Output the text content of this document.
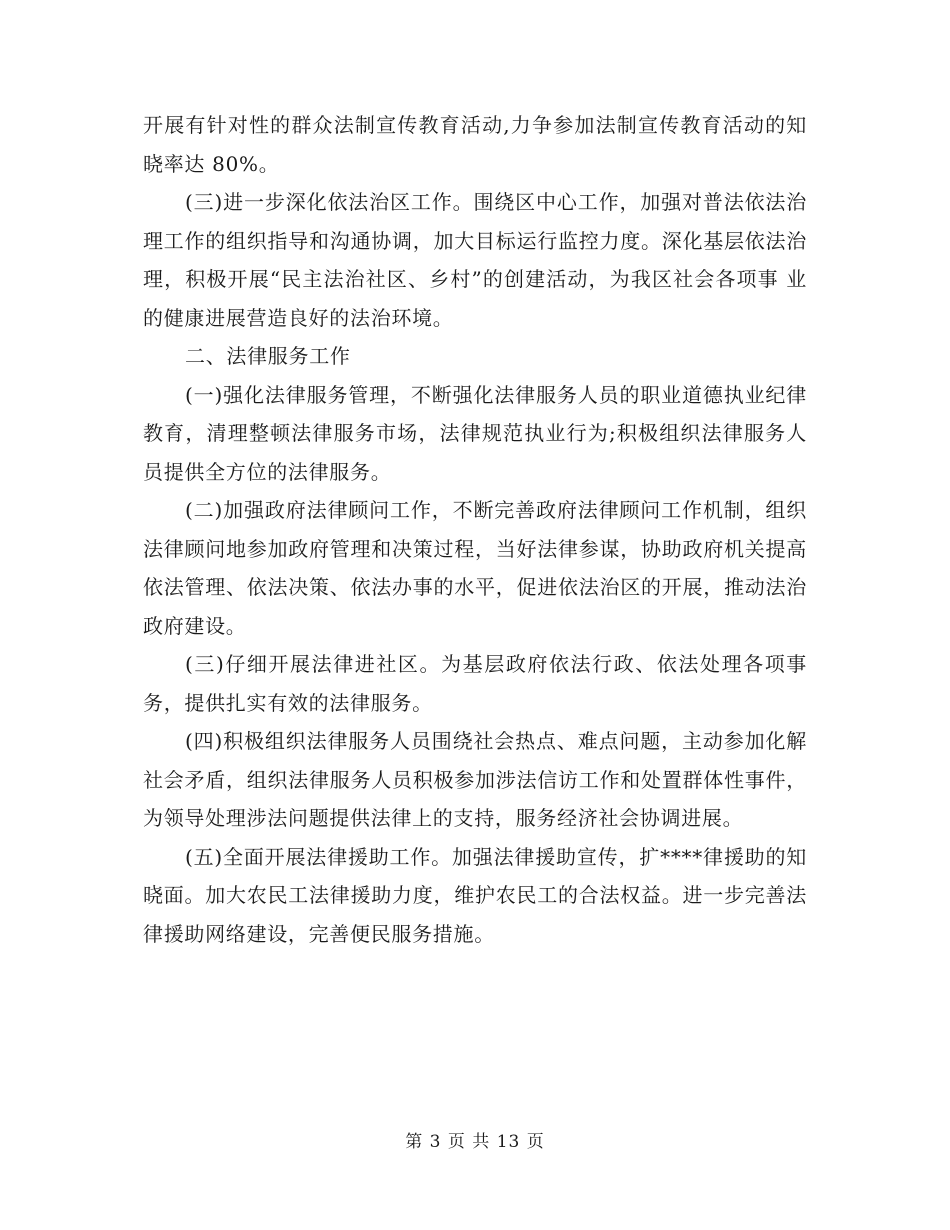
开展有针对性的群众法制宣传教育活动,力争参加法制宣传教育活动的知晓率达 80%。

(三)进一步深化依法治区工作。围绕区中心工作，加强对普法依法治理工作的组织指导和沟通协调，加大目标运行监控力度。深化基层依法治理，积极开展“民主法治社区、乡村”的创建活动，为我区社会各项事 业的健康进展营造良好的法治环境。

二、法律服务工作

(一)强化法律服务管理，不断强化法律服务人员的职业道德执业纪律教育，清理整顿法律服务市场，法律规范执业行为;积极组织法律服务人员提供全方位的法律服务。

(二)加强政府法律顾问工作，不断完善政府法律顾问工作机制，组织法律顾问地参加政府管理和决策过程，当好法律参谋，协助政府机关提高依法管理、依法决策、依法办事的水平，促进依法治区的开展，推动法治政府建设。

(三)仔细开展法律进社区。为基层政府依法行政、依法处理各项事务，提供扎实有效的法律服务。

(四)积极组织法律服务人员围绕社会热点、难点问题，主动参加化解社会矛盾，组织法律服务人员积极参加涉法信访工作和处置群体性事件，为领导处理涉法问题提供法律上的支持，服务经济社会协调进展。

(五)全面开展法律援助工作。加强法律援助宣传，扩****律援助的知晓面。加大农民工法律援助力度，维护农民工的合法权益。进一步完善法律援助网络建设，完善便民服务措施。

第 3 页 共 13 页
